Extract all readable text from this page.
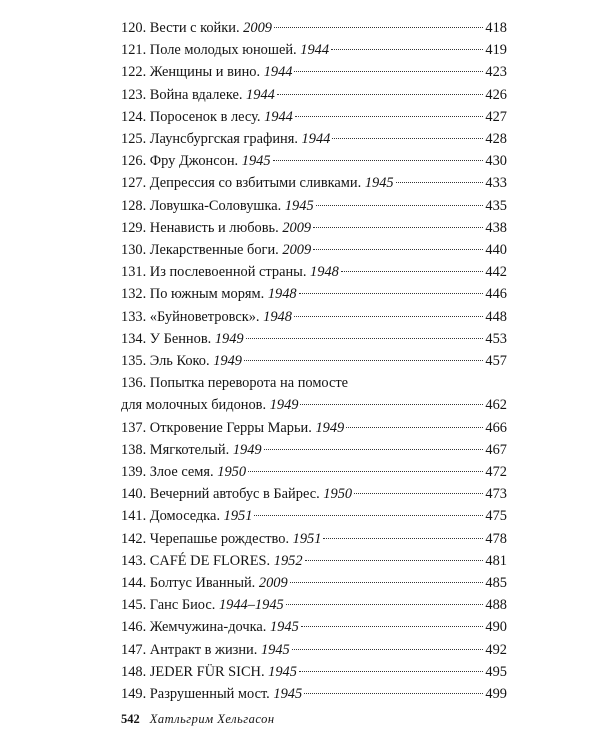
120. Вести с койки. 2009	418
121. Поле молодых юношей. 1944	419
122. Женщины и вино. 1944	423
123. Война вдалеке. 1944	426
124. Поросенок в лесу. 1944	427
125. Лаунсбургская графиня. 1944	428
126. Фру Джонсон. 1945	430
127. Депрессия со взбитыми сливками. 1945	433
128. Ловушка-Соловушка. 1945	435
129. Ненависть и любовь. 2009	438
130. Лекарственные боги. 2009	440
131. Из послевоенной страны. 1948	442
132. По южным морям. 1948	446
133. «Буйноветровск». 1948	448
134. У Беннов. 1949	453
135. Эль Коко. 1949	457
136. Попытка переворота на помосте
для молочных бидонов. 1949	462
137. Откровение Герры Марьи. 1949	466
138. Мягкотелый. 1949	467
139. Злое семя. 1950	472
140. Вечерний автобус в Байрес. 1950	473
141. Домоседка. 1951	475
142. Черепашье рождество. 1951	478
143. CAFÉ DE FLORES. 1952	481
144. Болтус Иванный. 2009	485
145. Ганс Биос. 1944–1945	488
146. Жемчужина-дочка. 1945	490
147. Антракт в жизни. 1945	492
148. JEDER FÜR SICH. 1945	495
149. Разрушенный мост. 1945	499
542 Хатльгрим Хельгасон
